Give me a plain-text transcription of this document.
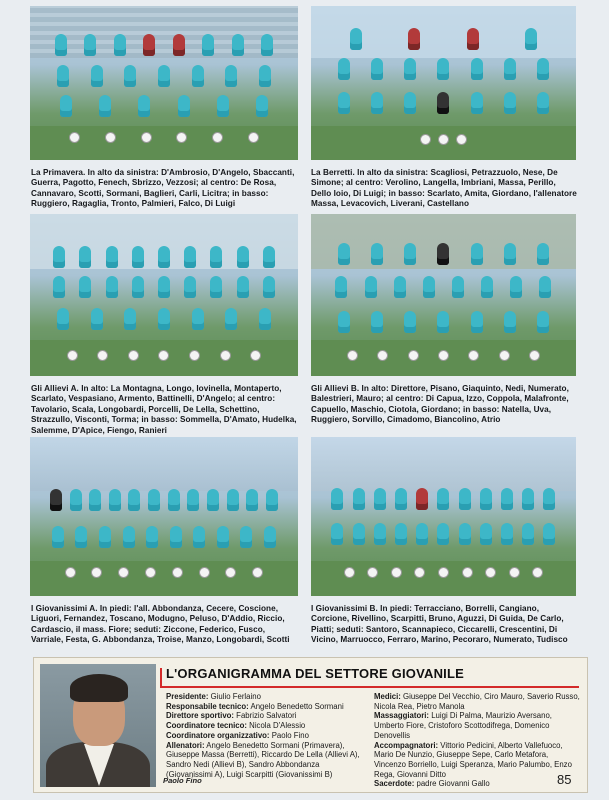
La Primavera. In alto da sinistra: D'Ambrosio, D'Angelo, Sbaccanti, Guerra, Pagotto, Fenech, Sbrizzo, Vezzosi; al centro: De Rosa, Cannavaro, Scotti, Sormani, Baglieri, Carli, Licitra; in basso: Ruggiero, Ragaglia, Tronto, Palmieri, Falco, Di Luigi
La Berretti. In alto da sinistra: Scagliosi, Petrazzuolo, Nese, De Simone; al centro: Verolino, Langella, Imbriani, Massa, Perillo, Dello Ioio, Di Luigi; in basso: Scarlato, Amita, Giordano, l'allenatore Massa, Levacovich, Liverani, Castellano
Gli Allievi A. In alto: La Montagna, Longo, Iovinella, Montaperto, Scarlato, Vespasiano, Armento, Battinelli, D'Angelo; al centro: Tavolario, Scala, Longobardi, Porcelli, De Lella, Schettino, Strazzullo, Visconti, Torma; in basso: Sommella, D'Amato, Hudelka, Salemme, D'Apice, Fiengo, Ranieri
Gli Allievi B. In alto: Direttore, Pisano, Giaquinto, Nedi, Numerato, Balestrieri, Mauro; al centro: Di Capua, Izzo, Coppola, Malafronte, Capuello, Maschio, Ciotola, Giordano; in basso: Natella, Uva, Ruggiero, Sorvillo, Cimadomo, Biancolino, Atrio
I Giovanissimi A. In piedi: l'all. Abbondanza, Cecere, Coscione, Liguori, Fernandez, Toscano, Modugno, Peluso, D'Addio, Riccio, Cardascio, il mass. Fiore; seduti: Ziccone, Federico, Fusco, Varriale, Festa, G. Abbondanza, Troise, Manzo, Longobardi, Scotti
I Giovanissimi B. In piedi: Terracciano, Borrelli, Cangiano, Corcione, Rivellino, Scarpitti, Bruno, Aguzzi, Di Guida, De Carlo, Piatti; seduti: Santoro, Scannapieco, Ciccarelli, Crescentini, Di Vicino, Marruocco, Ferraro, Marino, Pecoraro, Numerato, Tudisco
L'ORGANIGRAMMA DEL SETTORE GIOVANILE

Presidente: Giulio Ferlaino

Responsabile tecnico: Angelo Benedetto Sormani

Direttore sportivo: Fabrizio Salvatori

Coordinatore tecnico: Nicola D'Alessio

Coordinatore organizzativo: Paolo Fino

Allenatori: Angelo Benedetto Sormani (Primavera), Giuseppe Massa (Berretti), Riccardo De Lella (Allievi A), Sandro Nedi (Allievi B), Sandro Abbondanza (Giovanissimi A), Luigi Scarpitti (Giovanissimi B)

Medici: Giuseppe Del Vecchio, Ciro Mauro, Saverio Russo, Nicola Rea, Pietro Manola

Massaggiatori: Luigi Di Palma, Maurizio Aversano, Umberto Fiore, Cristoforo Scottodifrega, Domenico Denovellis

Accompagnatori: Vittorio Pedicini, Alberto Vallefuoco, Mario De Nunzio, Giuseppe Sepe, Carlo Metafora, Vincenzo Borriello, Luigi Speranza, Mario Palumbo, Enzo Rega, Giovanni Ditto

Sacerdote: padre Giovanni Gallo

Paolo Fino	85
